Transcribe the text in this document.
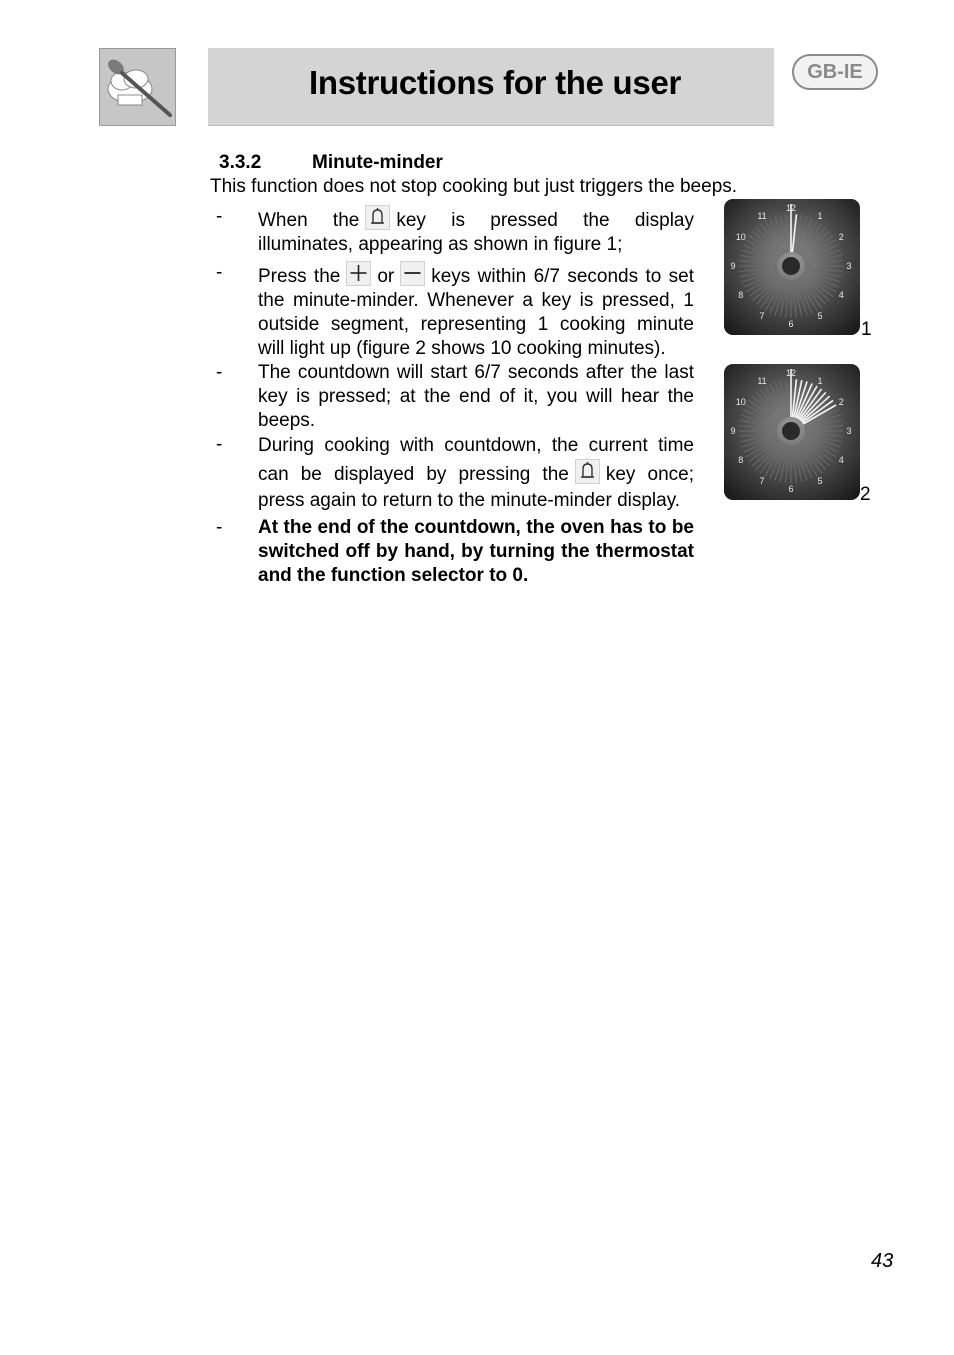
Instructions for the user	GB-IE
3.3.2	Minute-minder
This function does not stop cooking but just triggers the beeps.
-	When the key is pressed the display illuminates, appearing as shown in figure 1;
-	Press the or keys within 6/7 seconds to set the minute-minder. Whenever a key is pressed, 1 outside segment, representing 1 cooking minute will light up (figure 2 shows 10 cooking minutes).
-	The countdown will start 6/7 seconds after the last key is pressed; at the end of it, you will hear the beeps.
-	During cooking with countdown, the current time can be displayed by pressing the key once; press again to return to the minute-minder display.
-	At the end of the countdown, the oven has to be switched off by hand, by turning the thermostat and the function selector to 0.
12
1
2
3
4
5
6
7
8
9
10
11
1
12
1
2
3
4
5
6
7
8
9
10
11
2
43
